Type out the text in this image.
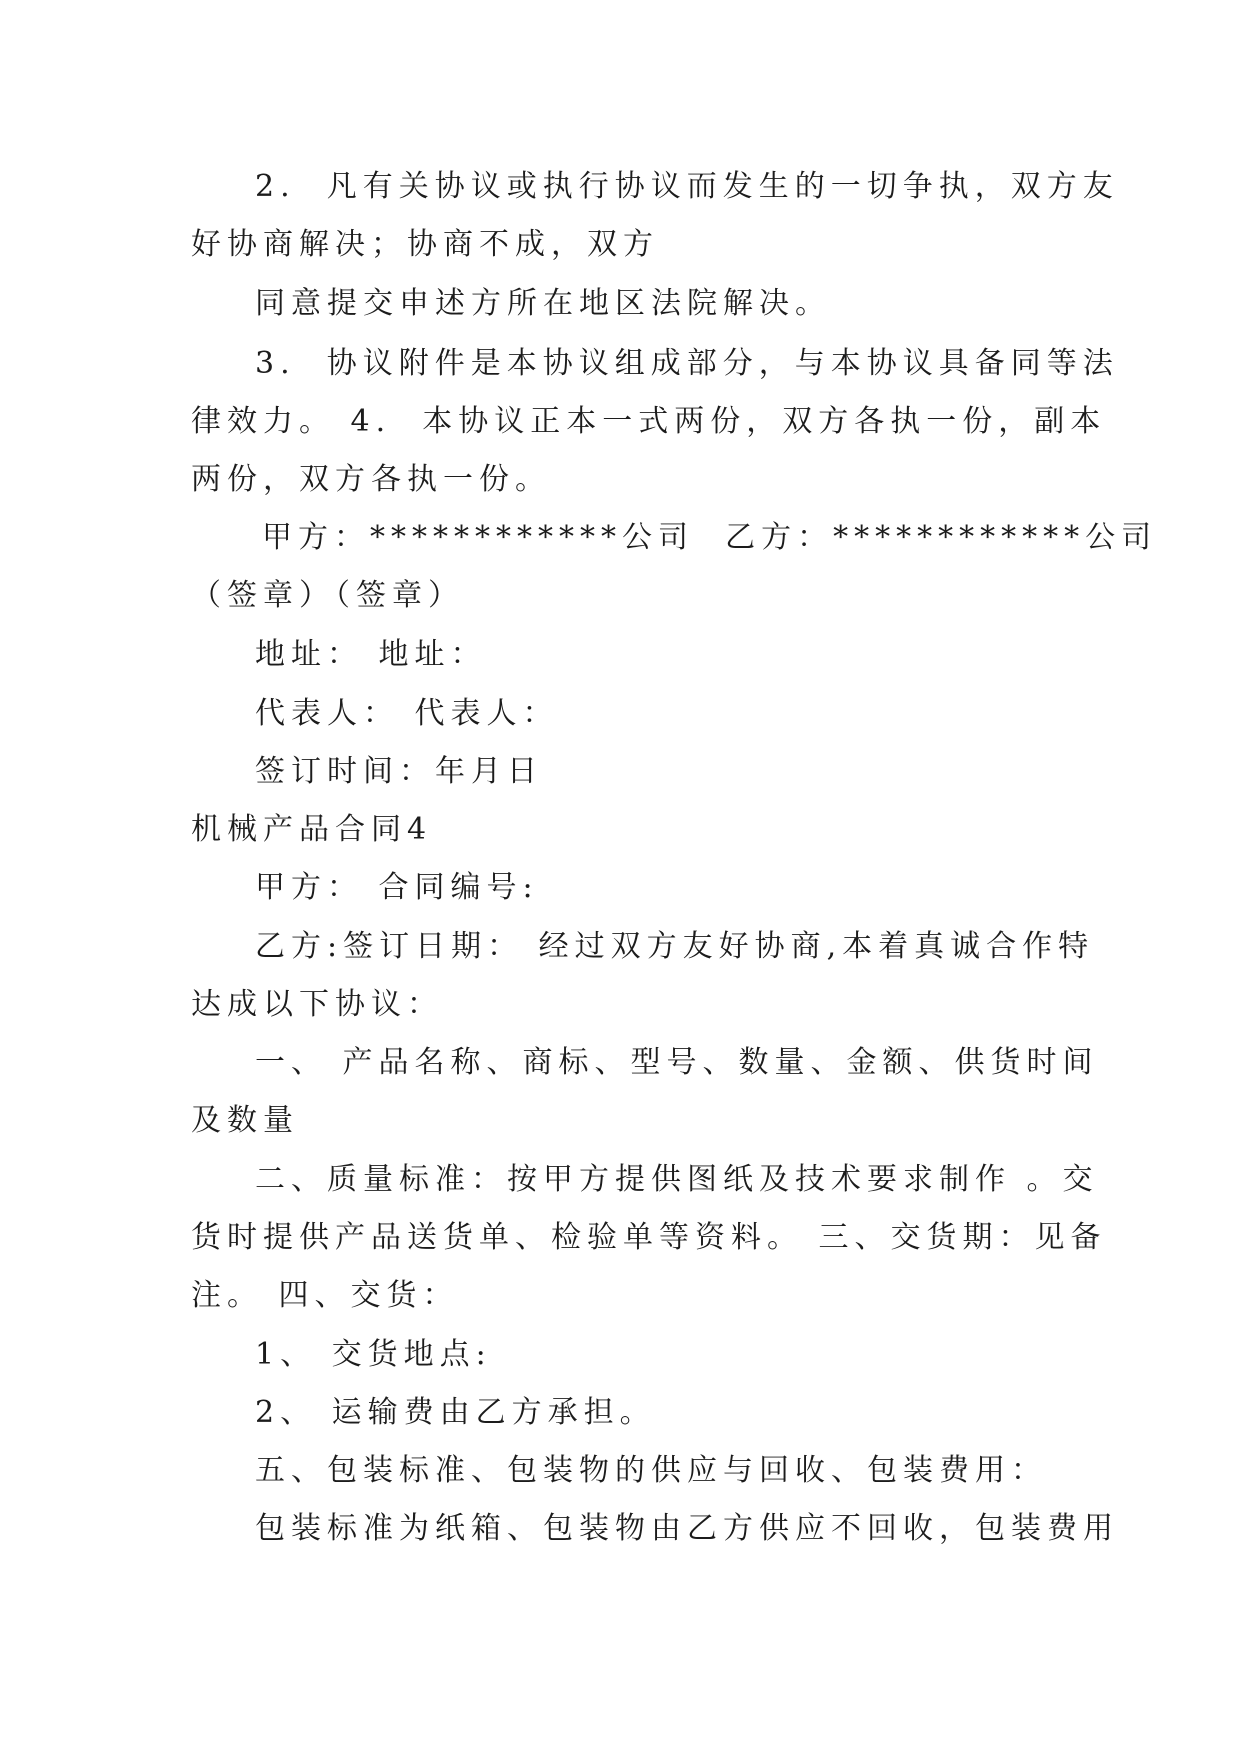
2.  凡有关协议或执行协议而发生的一切争执，双方友
好协商解决；协商不成，双方
同意提交申述方所在地区法院解决。
3.  协议附件是本协议组成部分，与本协议具备同等法
律效力。 4.  本协议正本一式两份，双方各执一份，副本
两份，双方各执一份。
甲方：************公司  乙方：************公司
（签章）（签章）
地址： 地址：
代表人： 代表人：
签订时间：年月日
机械产品合同4
甲方： 合同编号:
乙方:签订日期： 经过双方友好协商,本着真诚合作特
达成以下协议：
一、 产品名称、商标、型号、数量、金额、供货时间
及数量
二、质量标准：按甲方提供图纸及技术要求制作 。交
货时提供产品送货单、检验单等资料。 三、交货期：见备
注。 四、交货：
1、 交货地点:
2、 运输费由乙方承担。
五、包装标准、包装物的供应与回收、包装费用：
包装标准为纸箱、包装物由乙方供应不回收，包装费用
